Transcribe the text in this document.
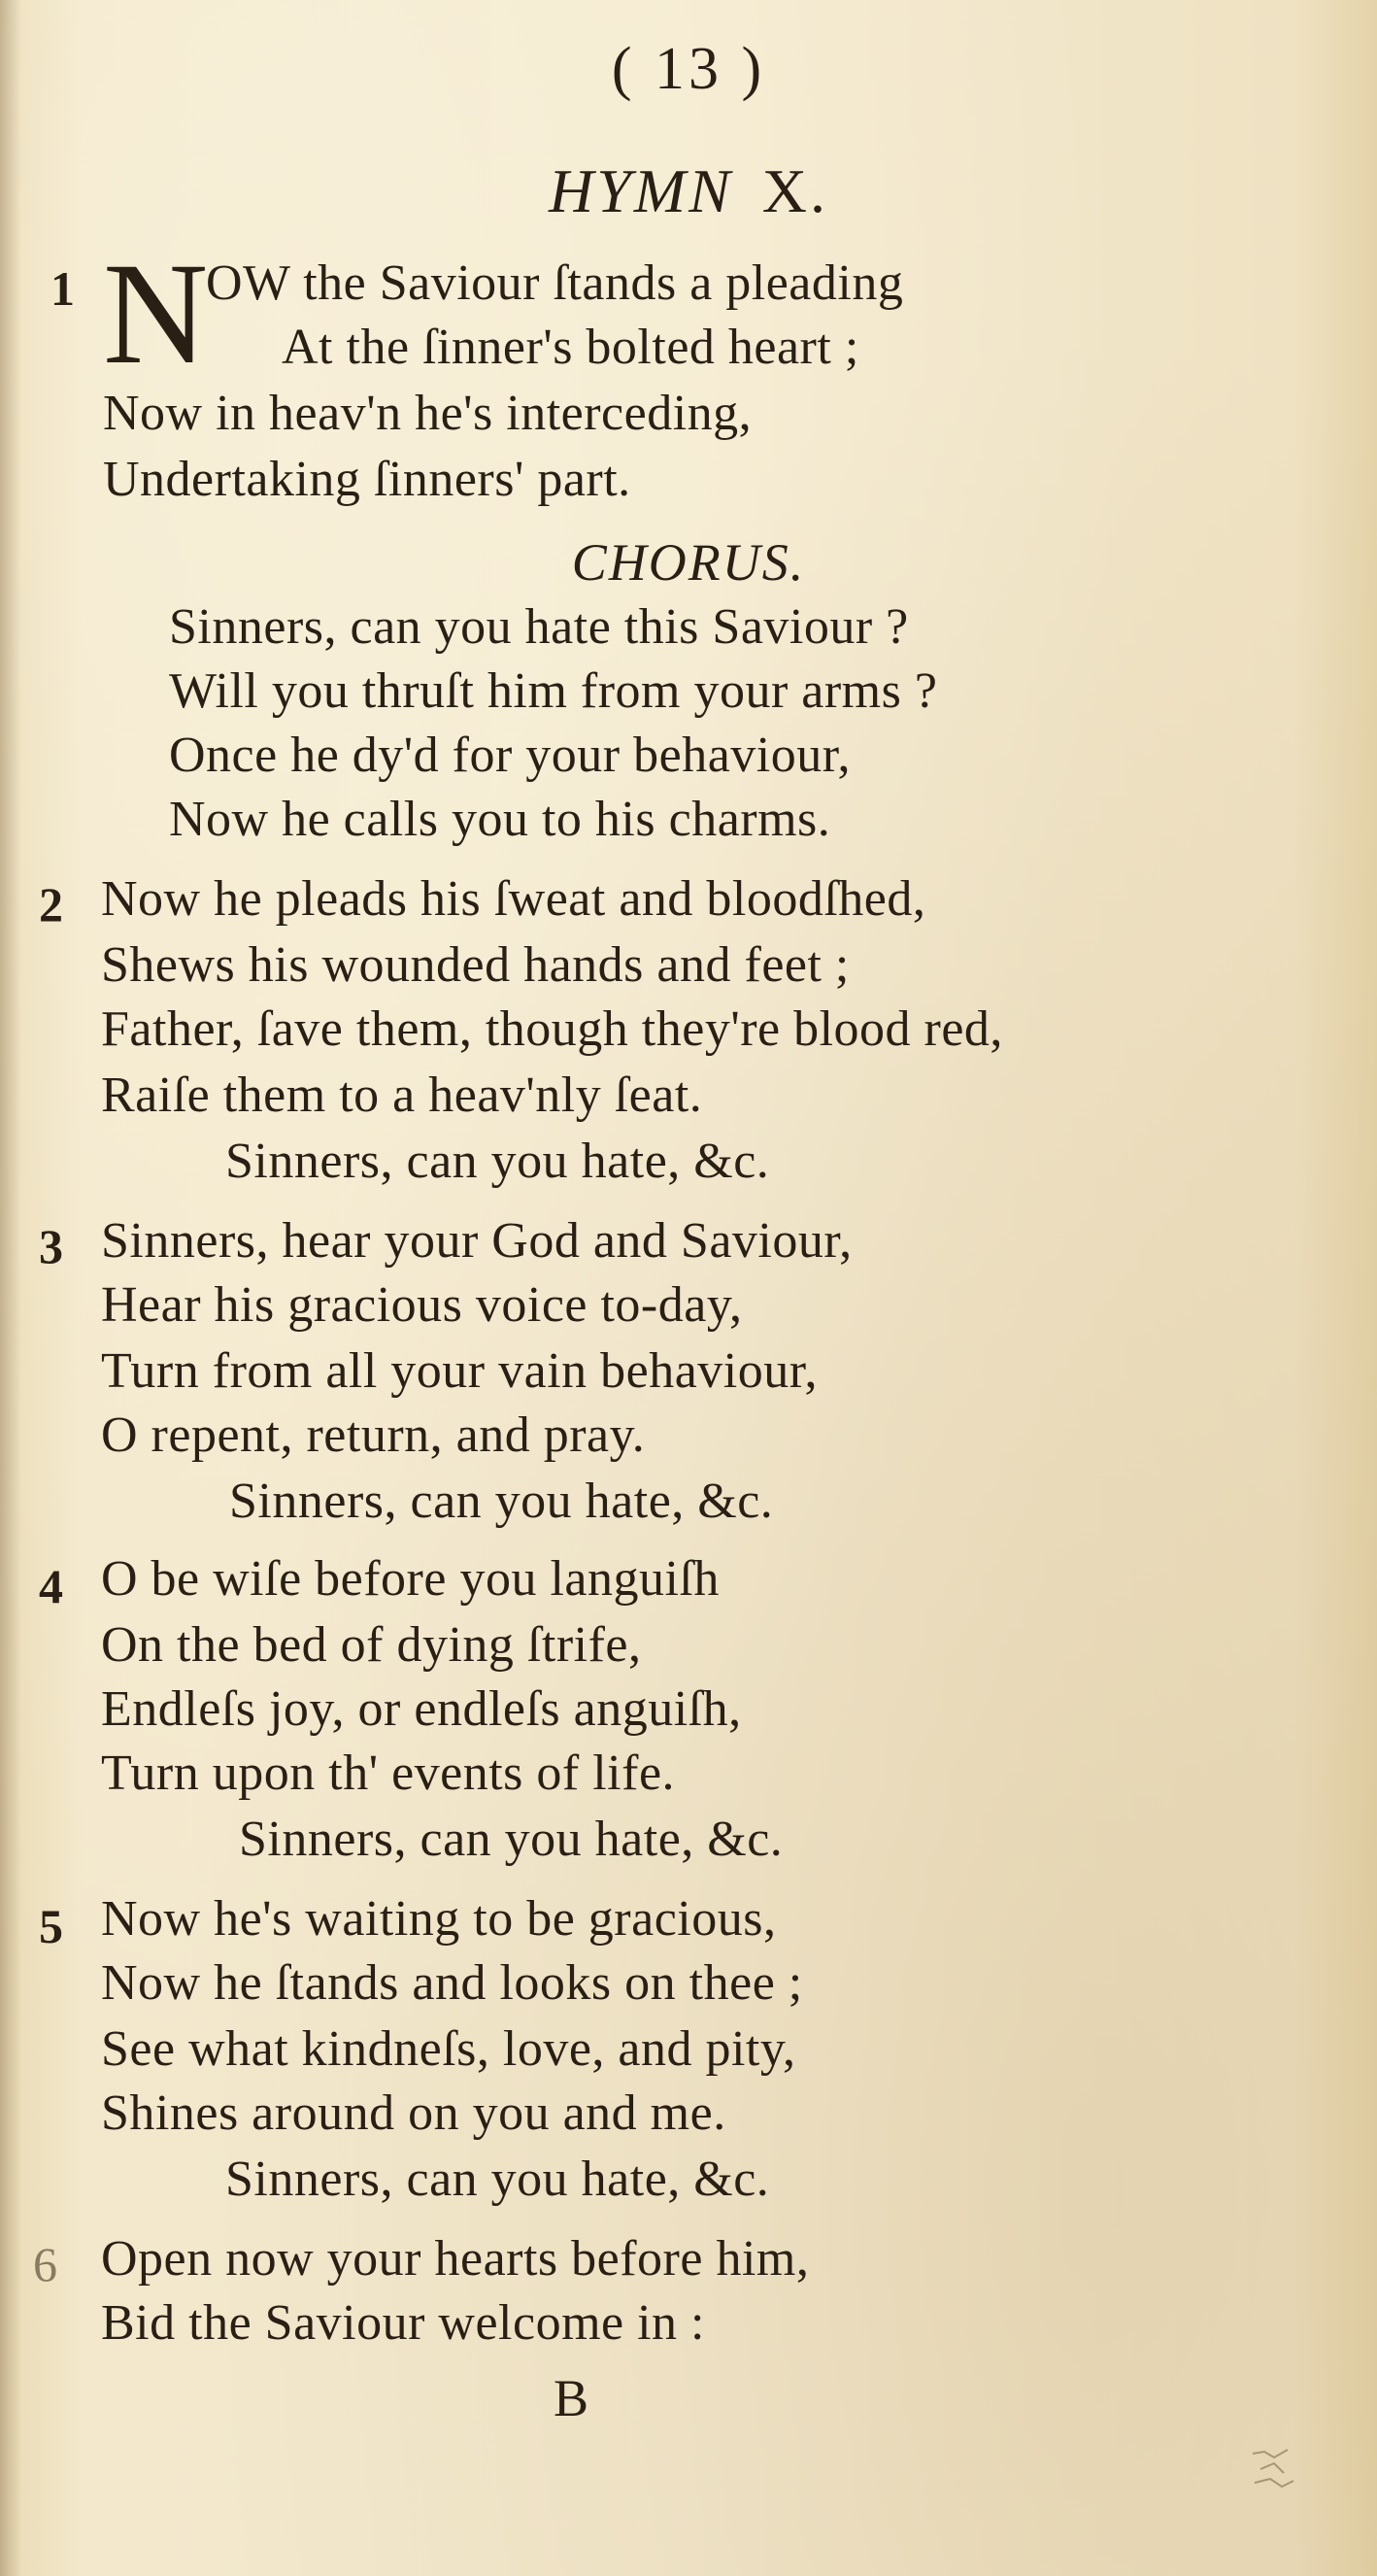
( 13 )
HYMN X.
1 N
OW the Saviour ſtands a pleading
At the ſinner's bolted heart ;
Now in heav'n he's interceding,
Undertaking ſinners' part.
CHORUS.
Sinners, can you hate this Saviour ?
Will you thruſt him from your arms ?
Once he dy'd for your behaviour,
Now he calls you to his charms.
2 Now he pleads his ſweat and bloodſhed,
Shews his wounded hands and feet ;
Father, ſave them, though they're blood red,
Raiſe them to a heav'nly ſeat.
Sinners, can you hate, &c.
3 Sinners, hear your God and Saviour,
Hear his gracious voice to-day,
Turn from all your vain behaviour,
O repent, return, and pray.
Sinners, can you hate, &c.
4 O be wiſe before you languiſh
On the bed of dying ſtrife,
Endleſs joy, or endleſs anguiſh,
Turn upon th' events of life.
Sinners, can you hate, &c.
5 Now he's waiting to be gracious,
Now he ſtands and looks on thee ;
See what kindneſs, love, and pity,
Shines around on you and me.
Sinners, can you hate, &c.
6 Open now your hearts before him,
Bid the Saviour welcome in :
B
